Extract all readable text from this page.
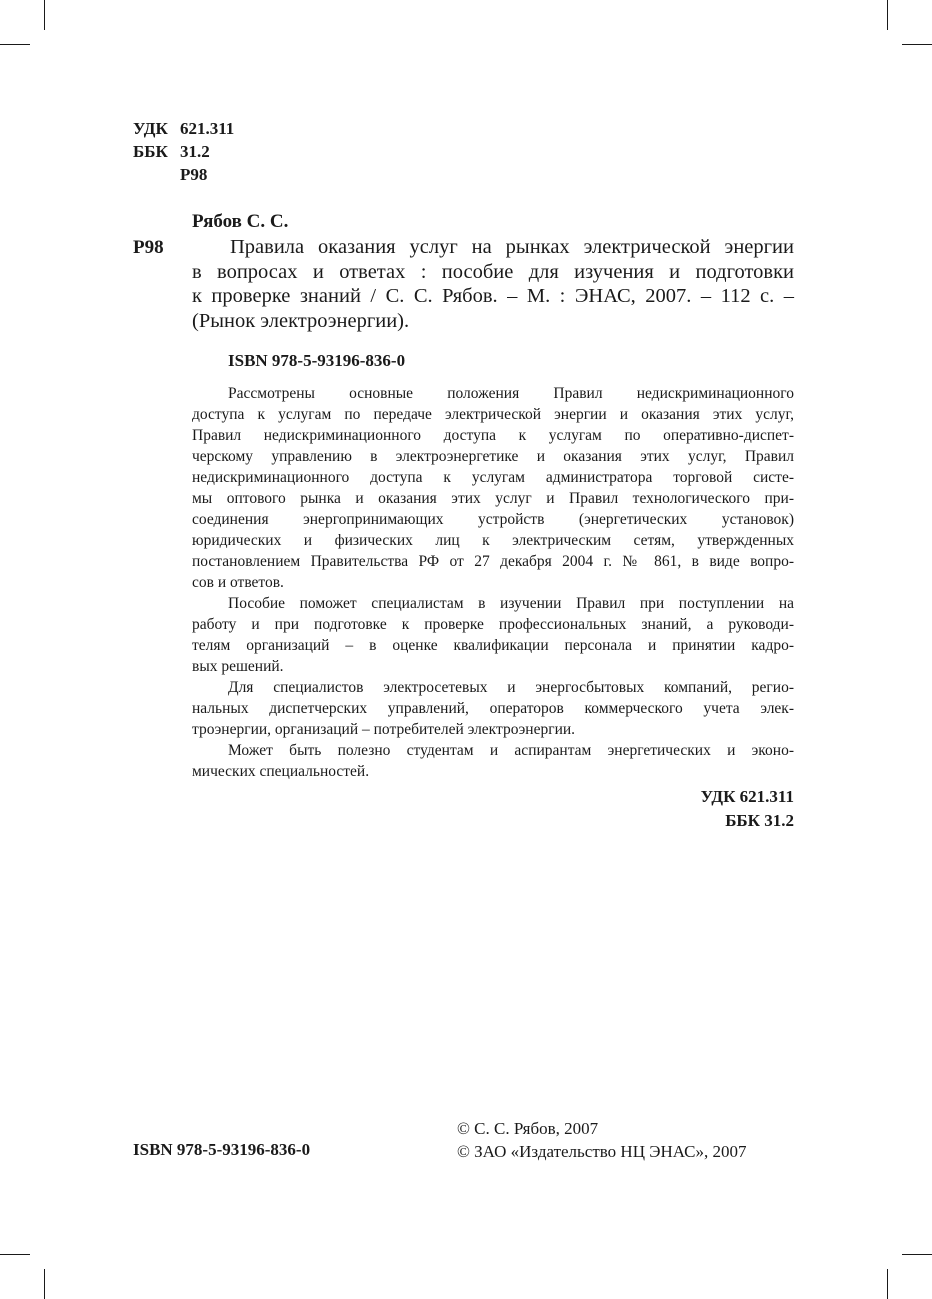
УДК 621.311
ББК 31.2
Р98
Рябов С. С.
Р98	Правила оказания услуг на рынках электрической энергии
в вопросах и ответах : пособие для изучения и подготовки
к проверке знаний / С. С. Рябов. – М. : ЭНАС, 2007. – 112 с. –
(Рынок электроэнергии).
ISBN 978-5-93196-836-0
Рассмотрены основные положения Правил недискриминационного
доступа к услугам по передаче электрической энергии и оказания этих услуг,
Правил недискриминационного доступа к услугам по оперативно-диспет-
черскому управлению в электроэнергетике и оказания этих услуг, Правил
недискриминационного доступа к услугам администратора торговой систе-
мы оптового рынка и оказания этих услуг и Правил технологического при-
соединения энергопринимающих устройств (энергетических установок)
юридических и физических лиц к электрическим сетям, утвержденных
постановлением Правительства РФ от 27 декабря 2004 г. № 861, в виде вопро-
сов и ответов.
Пособие поможет специалистам в изучении Правил при поступлении на
работу и при подготовке к проверке профессиональных знаний, а руководи-
телям организаций – в оценке квалификации персонала и принятии кадро-
вых решений.
Для специалистов электросетевых и энергосбытовых компаний, регио-
нальных диспетчерских управлений, операторов коммерческого учета элек-
троэнергии, организаций – потребителей электроэнергии.
Может быть полезно студентам и аспирантам энергетических и эконо-
мических специальностей.
УДК 621.311
ББК 31.2
ISBN 978-5-93196-836-0
© С. С. Рябов, 2007
© ЗАО «Издательство НЦ ЭНАС», 2007
